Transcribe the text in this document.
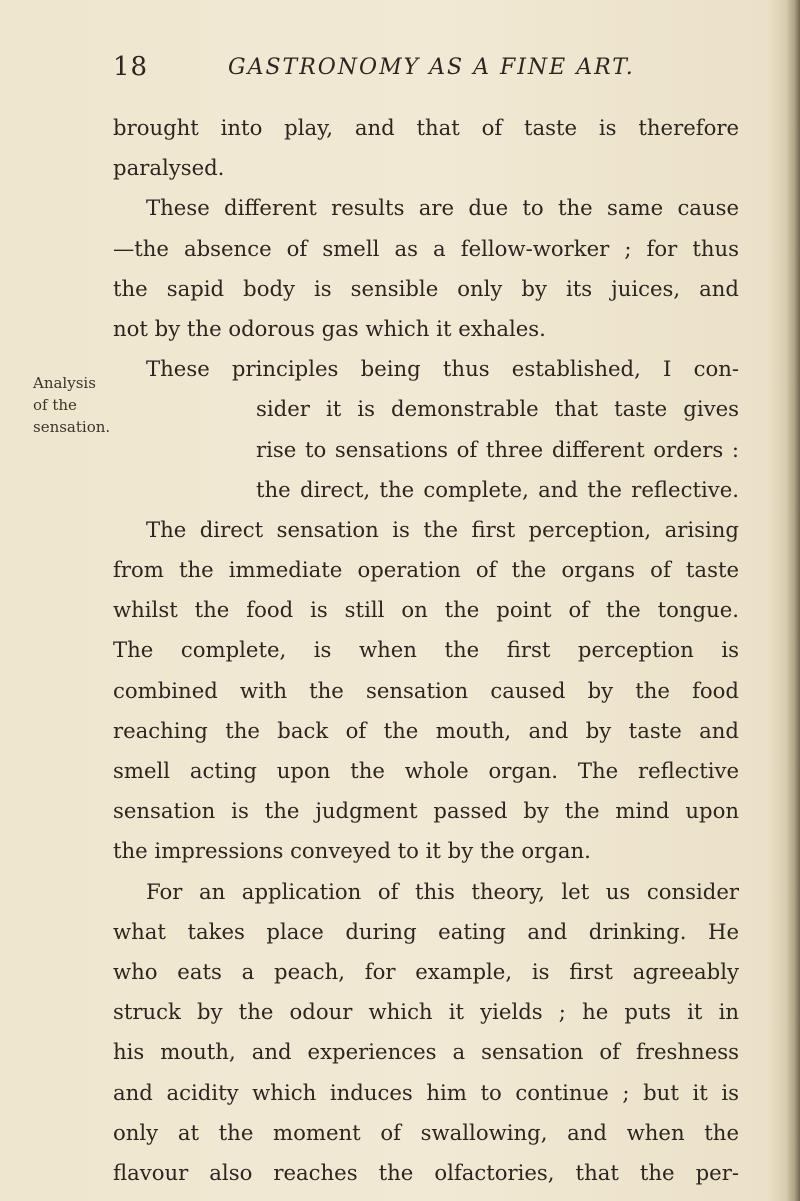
18	GASTRONOMY AS A FINE ART.
Analysis
of the
sensation.
brought into play, and that of taste is therefore
paralysed.
These different results are due to the same cause
—the absence of smell as a fellow-worker ; for thus
the sapid body is sensible only by its juices, and
not by the odorous gas which it exhales.
These principles being thus established, I con-
sider it is demonstrable that taste gives
rise to sensations of three different orders :
the direct, the complete, and the reflective.
The direct sensation is the first perception, arising
from the immediate operation of the organs of taste
whilst the food is still on the point of the tongue.
The complete, is when the first perception is
combined with the sensation caused by the food
reaching the back of the mouth, and by taste and
smell acting upon the whole organ. The reflective
sensation is the judgment passed by the mind upon
the impressions conveyed to it by the organ.
For an application of this theory, let us consider
what takes place during eating and drinking. He
who eats a peach, for example, is first agreeably
struck by the odour which it yields ; he puts it in
his mouth, and experiences a sensation of freshness
and acidity which induces him to continue ; but it is
only at the moment of swallowing, and when the
flavour also reaches the olfactories, that the per-
